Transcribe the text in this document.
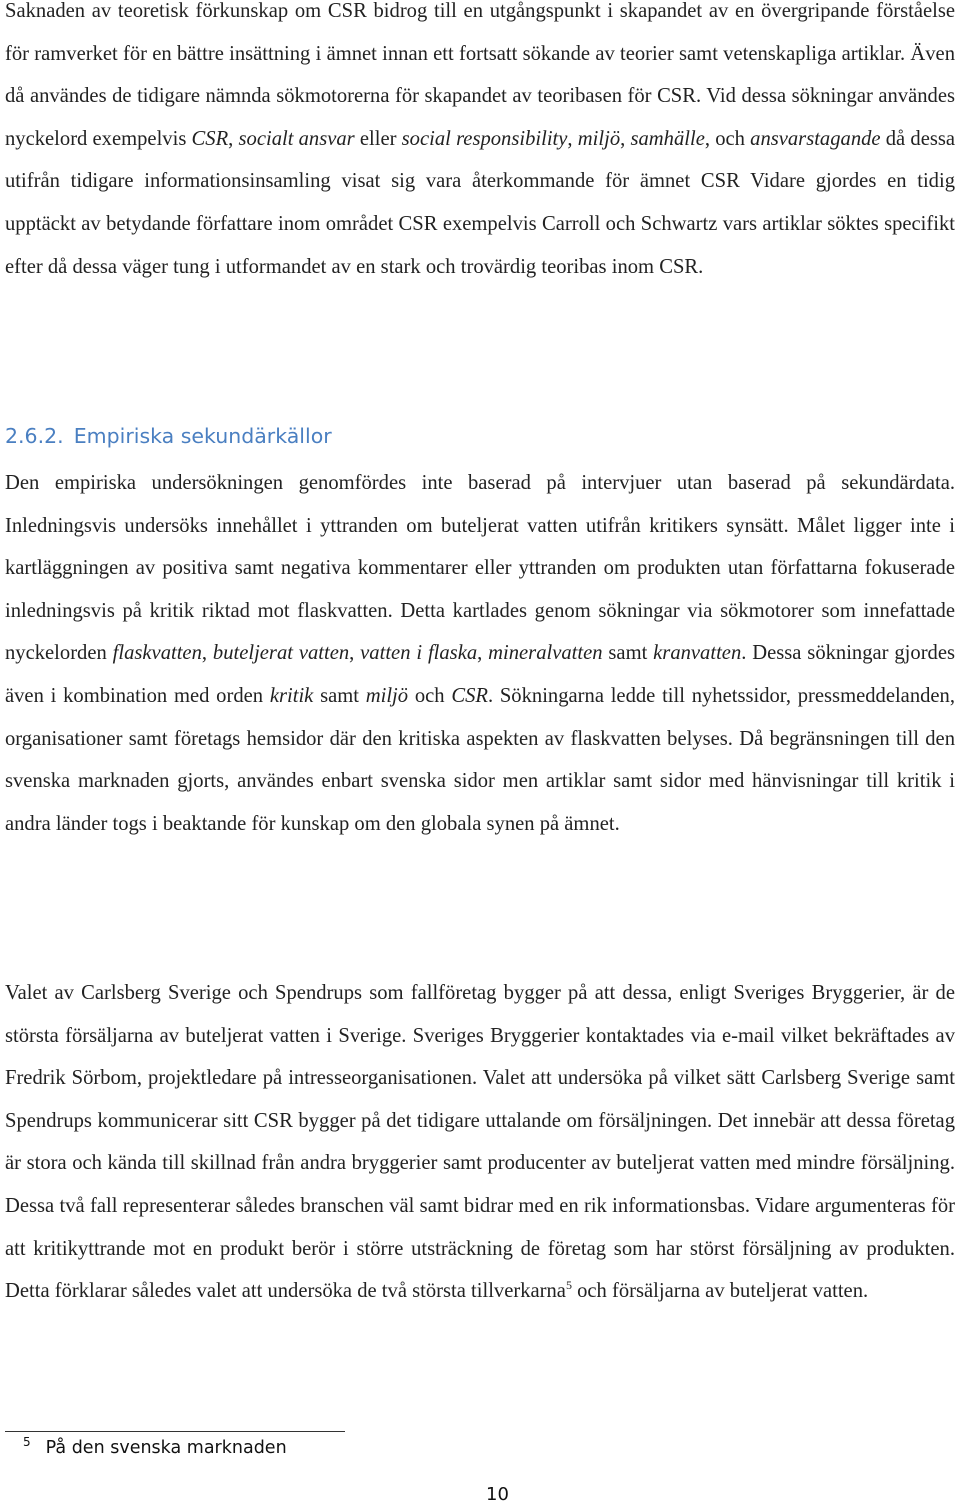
Saknaden av teoretisk förkunskap om CSR bidrog till en utgångspunkt i skapandet av en övergripande förståelse för ramverket för en bättre insättning i ämnet innan ett fortsatt sökande av teorier samt vetenskapliga artiklar. Även då användes de tidigare nämnda sökmotorerna för skapandet av teoribasen för CSR. Vid dessa sökningar användes nyckelord exempelvis CSR, socialt ansvar eller social responsibility, miljö, samhälle, och ansvarstagande då dessa utifrån tidigare informationsinsamling visat sig vara återkommande för ämnet CSR Vidare gjordes en tidig upptäckt av betydande författare inom området CSR exempelvis Carroll och Schwartz vars artiklar söktes specifikt efter då dessa väger tung i utformandet av en stark och trovärdig teoribas inom CSR.

2.6.2. Empiriska sekundärkällor

Den empiriska undersökningen genomfördes inte baserad på intervjuer utan baserad på sekundärdata. Inledningsvis undersöks innehållet i yttranden om buteljerat vatten utifrån kritikers synsätt. Målet ligger inte i kartläggningen av positiva samt negativa kommentarer eller yttranden om produkten utan författarna fokuserade inledningsvis på kritik riktad mot flaskvatten. Detta kartlades genom sökningar via sökmotorer som innefattade nyckelorden flaskvatten, buteljerat vatten, vatten i flaska, mineralvatten samt kranvatten. Dessa sökningar gjordes även i kombination med orden kritik samt miljö och CSR. Sökningarna ledde till nyhetssidor, pressmeddelanden, organisationer samt företags hemsidor där den kritiska aspekten av flaskvatten belyses. Då begränsningen till den svenska marknaden gjorts, användes enbart svenska sidor men artiklar samt sidor med hänvisningar till kritik i andra länder togs i beaktande för kunskap om den globala synen på ämnet.

Valet av Carlsberg Sverige och Spendrups som fallföretag bygger på att dessa, enligt Sveriges Bryggerier, är de största försäljarna av buteljerat vatten i Sverige. Sveriges Bryggerier kontaktades via e-mail vilket bekräftades av Fredrik Sörbom, projektledare på intresseorganisationen. Valet att undersöka på vilket sätt Carlsberg Sverige samt Spendrups kommunicerar sitt CSR bygger på det tidigare uttalande om försäljningen. Det innebär att dessa företag är stora och kända till skillnad från andra bryggerier samt producenter av buteljerat vatten med mindre försäljning. Dessa två fall representerar således branschen väl samt bidrar med en rik informationsbas. Vidare argumenteras för att kritikyttrande mot en produkt berör i större utsträckning de företag som har störst försäljning av produkten. Detta förklarar således valet att undersöka de två största tillverkarna$^5$ och försäljarna av buteljerat vatten.

$^5$ På den svenska marknaden
10
